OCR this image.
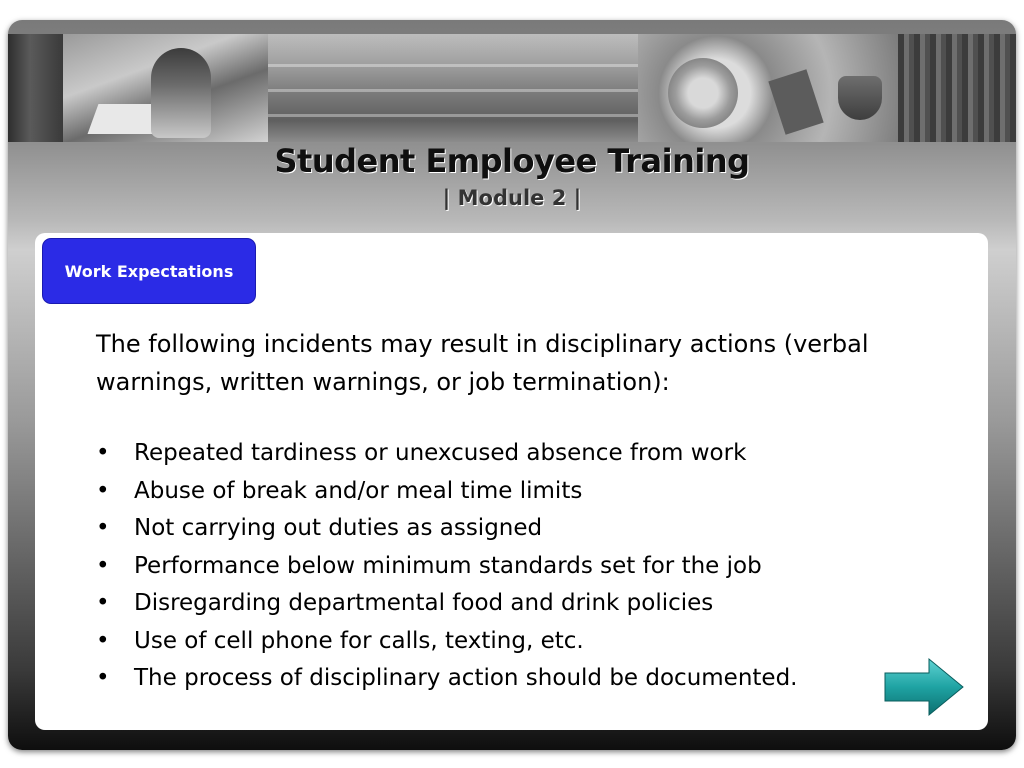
Student Employee Training
| Module 2 |
Work Expectations
The following incidents may result in disciplinary actions (verbal warnings, written warnings, or job termination):
• Repeated tardiness or unexcused absence from work
• Abuse of break and/or meal time limits
• Not carrying out duties as assigned
• Performance below minimum standards set for the job
• Disregarding departmental food and drink policies
• Use of cell phone for calls, texting, etc.
• The process of disciplinary action should be documented.
